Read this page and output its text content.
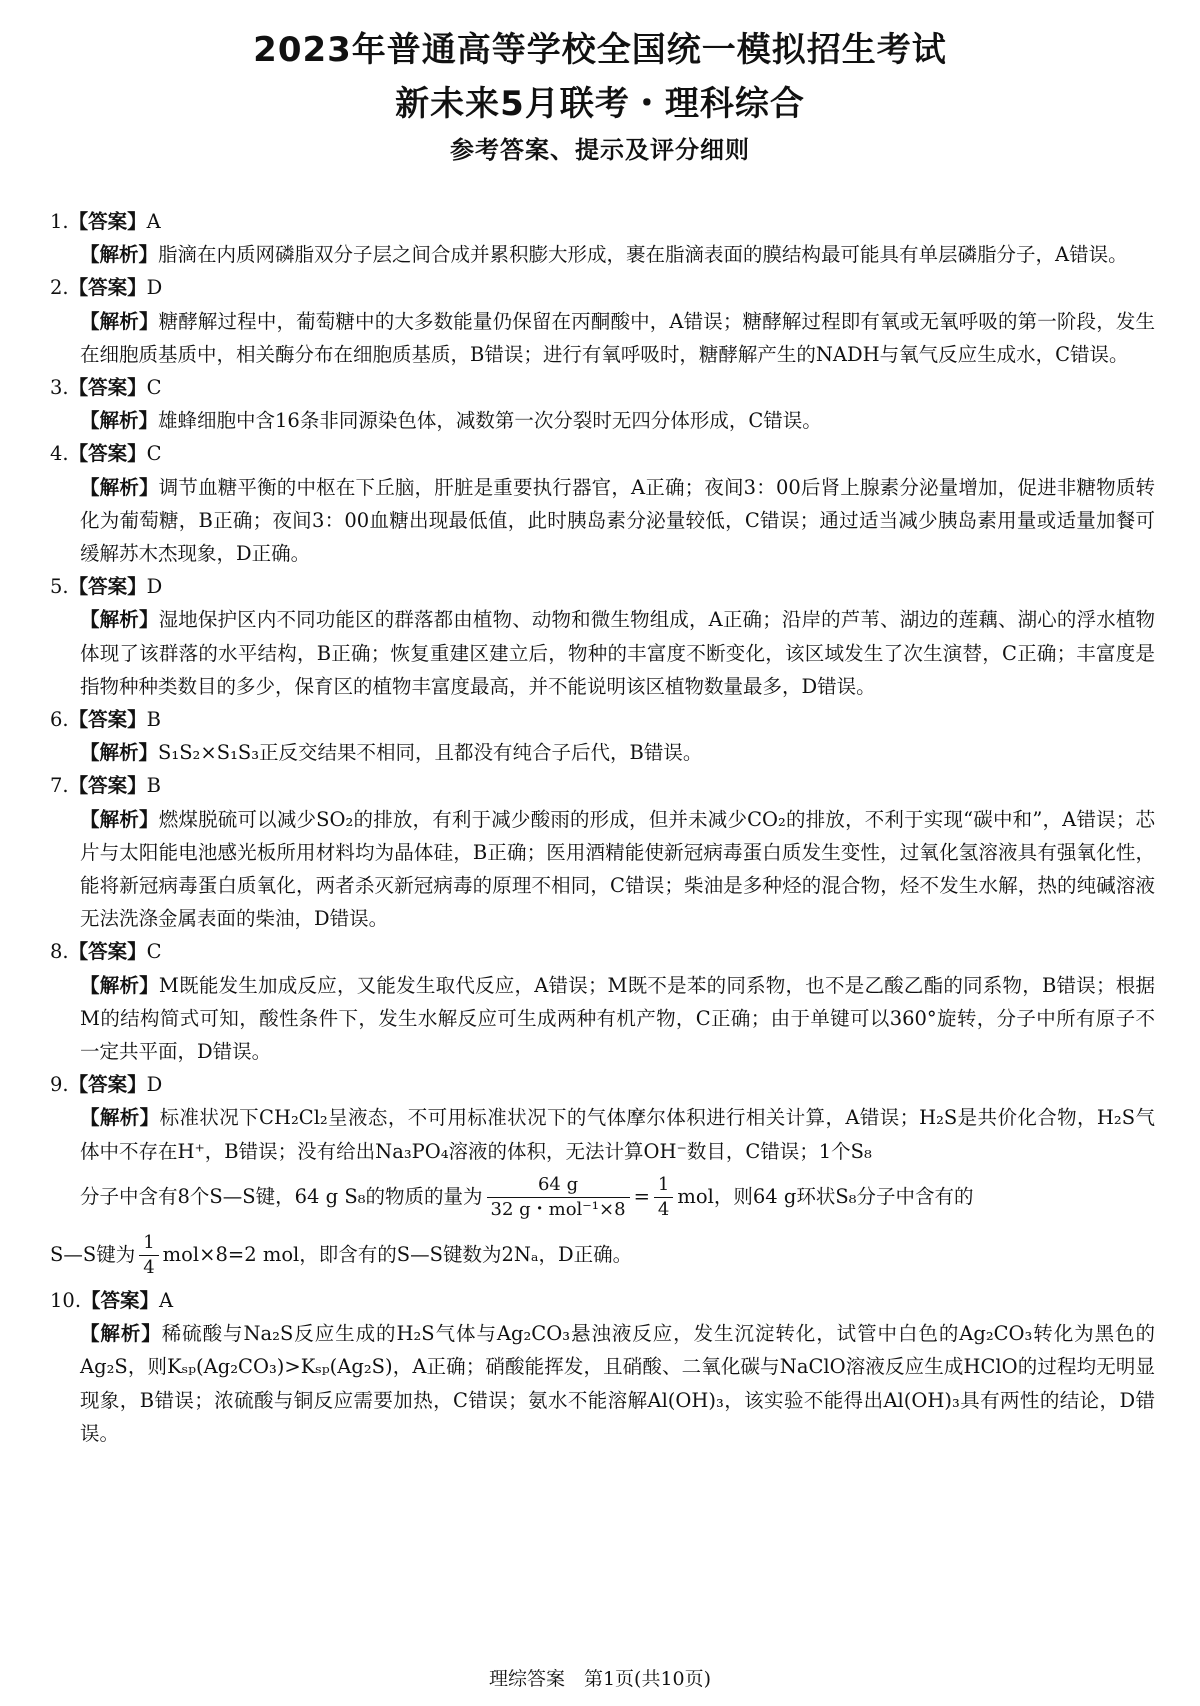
2023年普通高等学校全国统一模拟招生考试
新未来5月联考・理科综合
参考答案、提示及评分细则
1.【答案】A
【解析】脂滴在内质网磷脂双分子层之间合成并累积膨大形成，裹在脂滴表面的膜结构最可能具有单层磷脂分子，A错误。
2.【答案】D
【解析】糖酵解过程中，葡萄糖中的大多数能量仍保留在丙酮酸中，A错误；糖酵解过程即有氧或无氧呼吸的第一阶段，发生在细胞质基质中，相关酶分布在细胞质基质，B错误；进行有氧呼吸时，糖酵解产生的NADH与氧气反应生成水，C错误。
3.【答案】C
【解析】雄蜂细胞中含16条非同源染色体，减数第一次分裂时无四分体形成，C错误。
4.【答案】C
【解析】调节血糖平衡的中枢在下丘脑，肝脏是重要执行器官，A正确；夜间3：00后肾上腺素分泌量增加，促进非糖物质转化为葡萄糖，B正确；夜间3：00血糖出现最低值，此时胰岛素分泌量较低，C错误；通过适当减少胰岛素用量或适量加餐可缓解苏木杰现象，D正确。
5.【答案】D
【解析】湿地保护区内不同功能区的群落都由植物、动物和微生物组成，A正确；沿岸的芦苇、湖边的莲藕、湖心的浮水植物体现了该群落的水平结构，B正确；恢复重建区建立后，物种的丰富度不断变化，该区域发生了次生演替，C正确；丰富度是指物种种类数目的多少，保育区的植物丰富度最高，并不能说明该区植物数量最多，D错误。
6.【答案】B
【解析】S₁S₂×S₁S₃正反交结果不相同，且都没有纯合子后代，B错误。
7.【答案】B
【解析】燃煤脱硫可以减少SO₂的排放，有利于减少酸雨的形成，但并未减少CO₂的排放，不利于实现“碳中和”，A错误；芯片与太阳能电池感光板所用材料均为晶体硅，B正确；医用酒精能使新冠病毒蛋白质发生变性，过氧化氢溶液具有强氧化性，能将新冠病毒蛋白质氧化，两者杀灭新冠病毒的原理不相同，C错误；柴油是多种烃的混合物，烃不发生水解，热的纯碱溶液无法洗涤金属表面的柴油，D错误。
8.【答案】C
【解析】M既能发生加成反应，又能发生取代反应，A错误；M既不是苯的同系物，也不是乙酸乙酯的同系物，B错误；根据M的结构简式可知，酸性条件下，发生水解反应可生成两种有机产物，C正确；由于单键可以360°旋转，分子中所有原子不一定共平面，D错误。
9.【答案】D
【解析】标准状况下CH₂Cl₂呈液态，不可用标准状况下的气体摩尔体积进行相关计算，A错误；H₂S是共价化合物，H₂S气体中不存在H⁺，B错误；没有给出Na₃PO₄溶液的体积，无法计算OH⁻数目，C错误；1个S₈
分子中含有8个S—S键，64 g S₈的物质的量为 $\frac{64 g}{\text{32 g・mol⁻¹×8}} = \frac{1}{4}$ mol，则64 g环状S₈分子中含有的
S—S键为 $\frac{1}{4} mol\times 8=2$ mol，即含有的S—S键数为2Nₐ，D正确。
10.【答案】A
【解析】稀硫酸与Na₂S反应生成的H₂S气体与Ag₂CO₃悬浊液反应，发生沉淀转化，试管中白色的Ag₂CO₃转化为黑色的Ag₂S，则Kₛₚ(Ag₂CO₃)>Kₛₚ(Ag₂S)，A正确；硝酸能挥发，且硝酸、二氧化碳与NaClO溶液反应生成HClO的过程均无明显现象，B错误；浓硫酸与铜反应需要加热，C错误；氨水不能溶解Al(OH)₃，该实验不能得出Al(OH)₃具有两性的结论，D错误。
理综答案　第1页(共10页)
